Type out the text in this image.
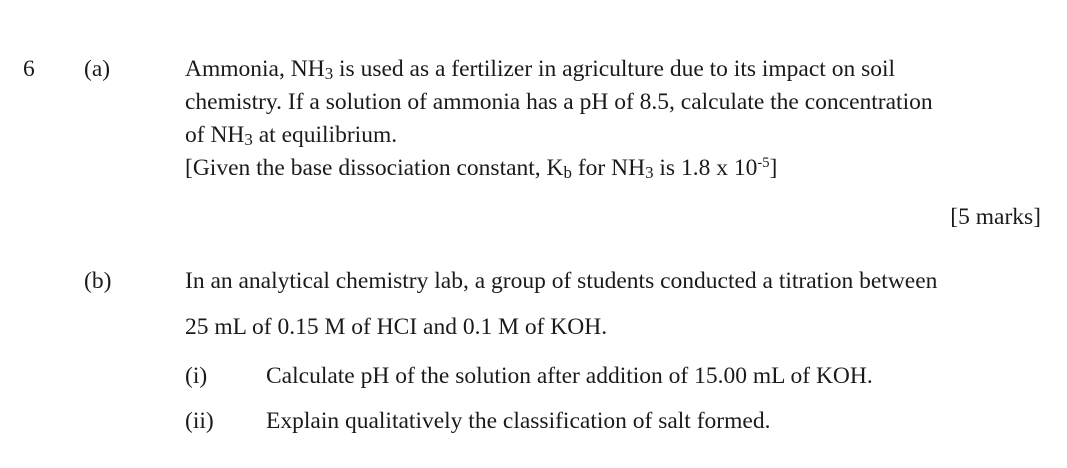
6 (a)	Ammonia, $NH_3$ is used as a fertilizer in agriculture due to its impact on soil
chemistry. If a solution of ammonia has a pH of 8.5, calculate the concentration
of $NH_3$ at equilibrium.
[Given the base dissociation constant, $K_b$ for $NH_3$ is 1.8 x $10^{-5}$]
[5 marks]
(b)	In an analytical chemistry lab, a group of students conducted a titration between
25 mL of 0.15 M of HCI and 0.1 M of KOH.
(i)	Calculate pH of the solution after addition of 15.00 mL of KOH.
(ii) Explain qualitatively the classification of salt formed.
